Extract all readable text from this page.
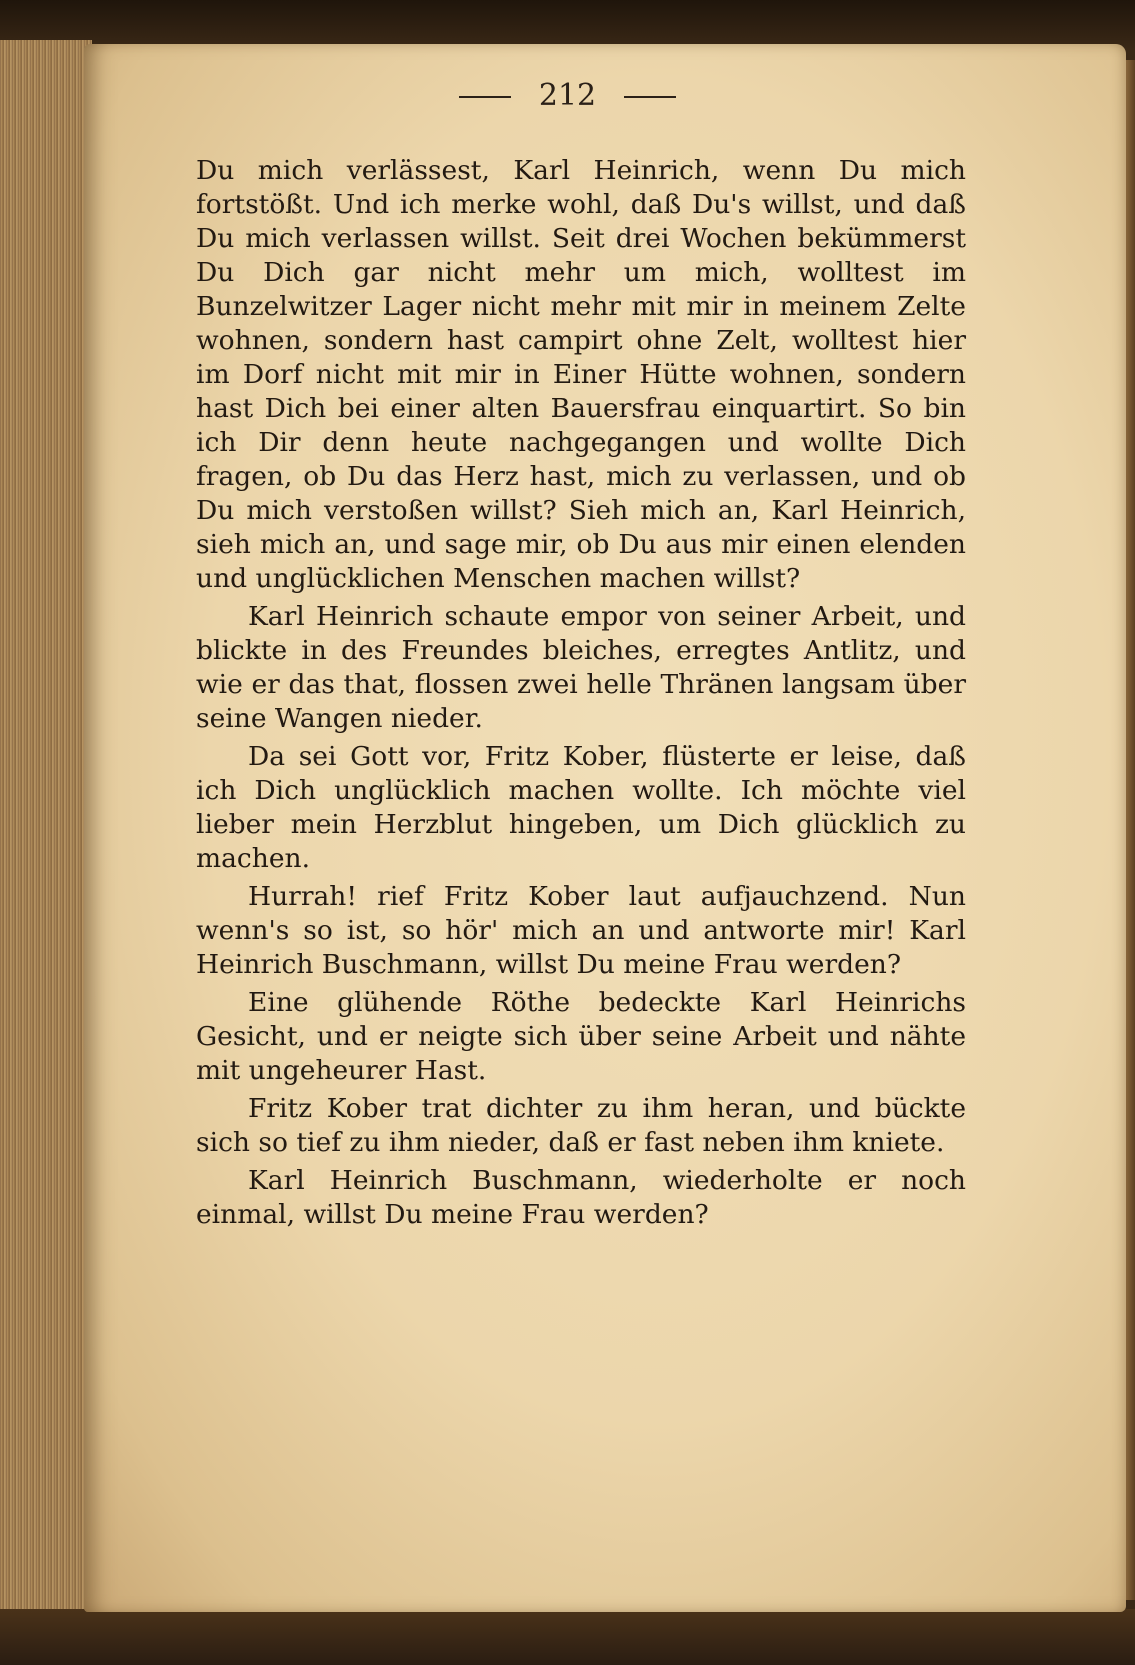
212

Du mich verlässest, Karl Heinrich, wenn Du mich fortstößt. Und ich merke wohl, daß Du's willst, und daß Du mich verlassen willst. Seit drei Wochen bekümmerst Du Dich gar nicht mehr um mich, wolltest im Bunzelwitzer Lager nicht mehr mit mir in meinem Zelte wohnen, sondern hast campirt ohne Zelt, wolltest hier im Dorf nicht mit mir in Einer Hütte wohnen, sondern hast Dich bei einer alten Bauersfrau einquartirt. So bin ich Dir denn heute nachgegangen und wollte Dich fragen, ob Du das Herz hast, mich zu verlassen, und ob Du mich verstoßen willst? Sieh mich an, Karl Heinrich, sieh mich an, und sage mir, ob Du aus mir einen elenden und unglücklichen Menschen machen willst?

Karl Heinrich schaute empor von seiner Arbeit, und blickte in des Freundes bleiches, erregtes Antlitz, und wie er das that, flossen zwei helle Thränen langsam über seine Wangen nieder.

Da sei Gott vor, Fritz Kober, flüsterte er leise, daß ich Dich unglücklich machen wollte. Ich möchte viel lieber mein Herzblut hingeben, um Dich glücklich zu machen.

Hurrah! rief Fritz Kober laut aufjauchzend. Nun wenn's so ist, so hör' mich an und antworte mir! Karl Heinrich Buschmann, willst Du meine Frau werden?

Eine glühende Röthe bedeckte Karl Heinrichs Gesicht, und er neigte sich über seine Arbeit und nähte mit ungeheurer Hast.

Fritz Kober trat dichter zu ihm heran, und bückte sich so tief zu ihm nieder, daß er fast neben ihm kniete.

Karl Heinrich Buschmann, wiederholte er noch einmal, willst Du meine Frau werden?
